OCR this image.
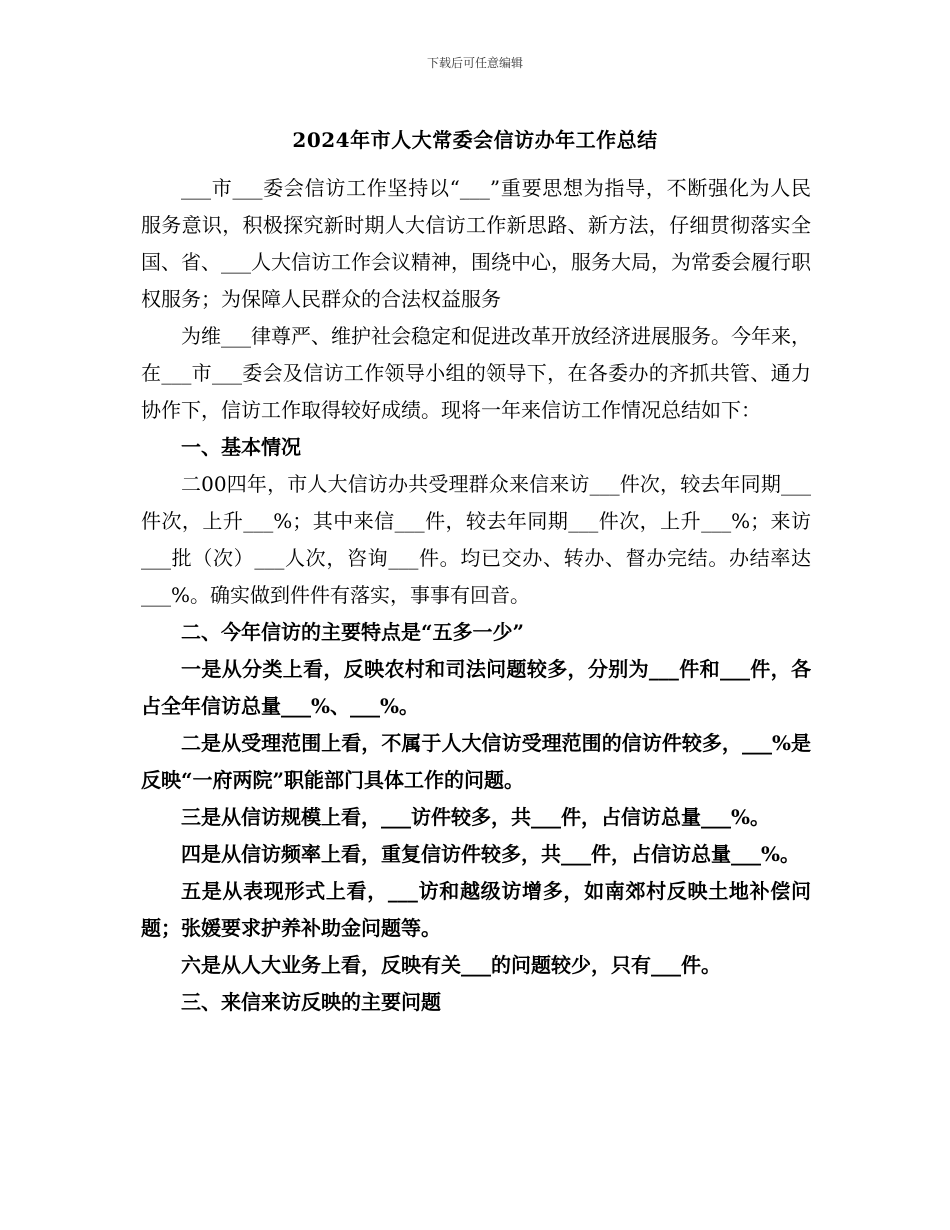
下载后可任意编辑
2024年市人大常委会信访办年工作总结

___市___委会信访工作坚持以“___”重要思想为指导，不断强化为人民服务意识，积极探究新时期人大信访工作新思路、新方法，仔细贯彻落实全国、省、___人大信访工作会议精神，围绕中心，服务大局，为常委会履行职权服务；为保障人民群众的合法权益服务

为维___律尊严、维护社会稳定和促进改革开放经济进展服务。今年来，在___市___委会及信访工作领导小组的领导下，在各委办的齐抓共管、通力协作下，信访工作取得较好成绩。现将一年来信访工作情况总结如下：

一、基本情况

二00四年，市人大信访办共受理群众来信来访___件次，较去年同期___件次，上升___%；其中来信___件，较去年同期___件次，上升___%；来访___批（次）___人次，咨询___件。均已交办、转办、督办完结。办结率达___%。确实做到件件有落实，事事有回音。

二、今年信访的主要特点是“五多一少”

一是从分类上看，反映农村和司法问题较多，分别为___件和___件，各占全年信访总量___%、___%。

二是从受理范围上看，不属于人大信访受理范围的信访件较多，___%是反映“一府两院”职能部门具体工作的问题。

三是从信访规模上看，___访件较多，共___件，占信访总量___%。

四是从信访频率上看，重复信访件较多，共___件，占信访总量___%。

五是从表现形式上看，___访和越级访增多，如南郊村反映土地补偿问题；张媛要求护养补助金问题等。

六是从人大业务上看，反映有关___的问题较少，只有___件。

三、来信来访反映的主要问题
